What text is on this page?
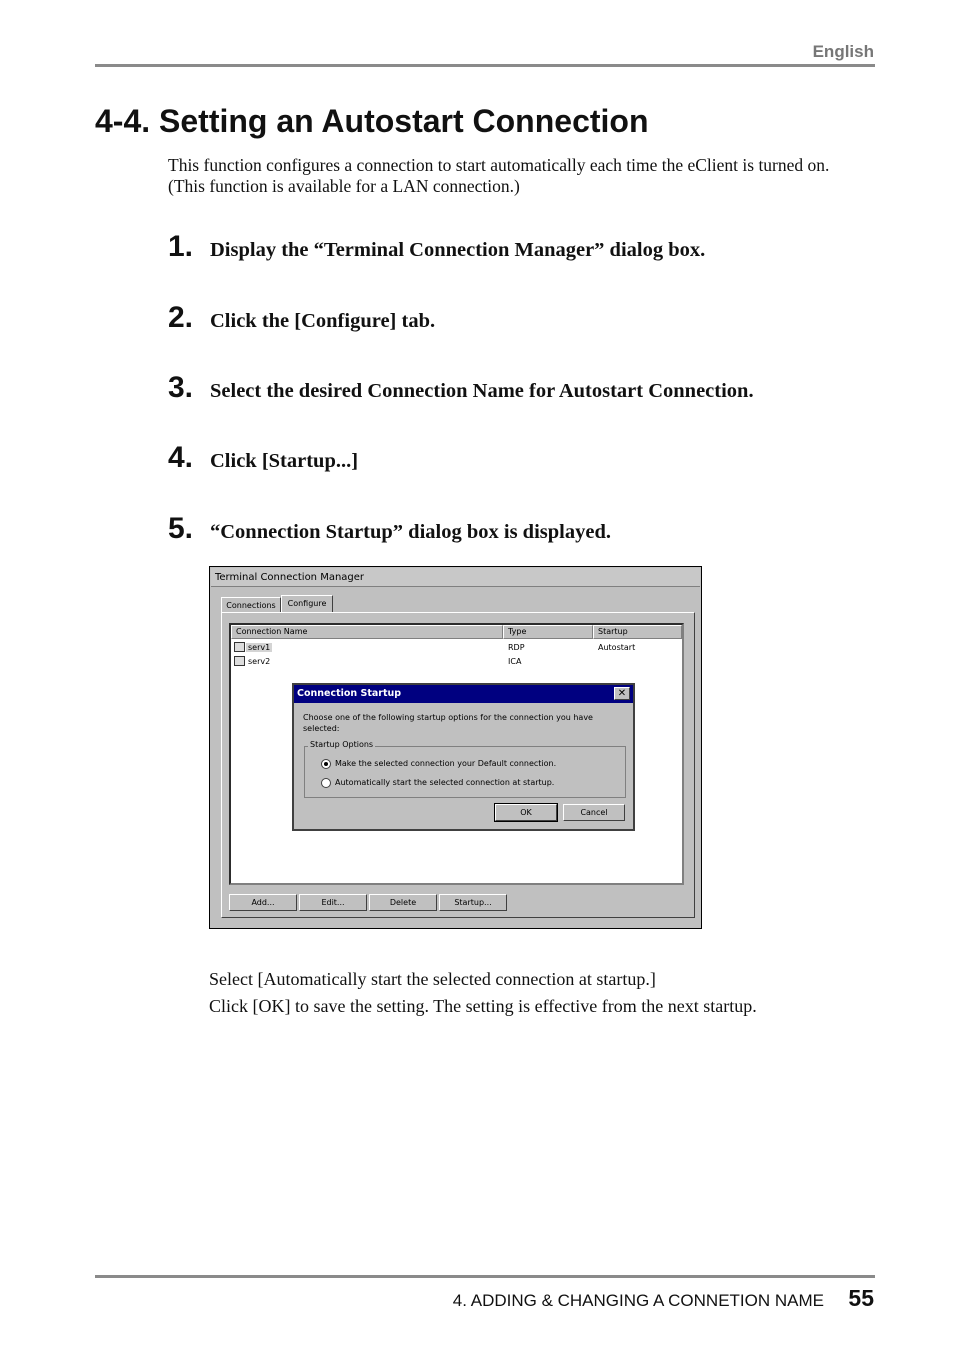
English
4-4. Setting an Autostart Connection
This function configures a connection to start automatically each time the eClient is turned on. (This function is available for a LAN connection.)
1. Display the “Terminal Connection Manager” dialog box.
2. Click the [Configure] tab.
3. Select the desired Connection Name for Autostart Connection.
4. Click [Startup...]
5. “Connection Startup” dialog box is displayed.
Terminal Connection Manager
Connections	Configure
Connection Name	Type	Startup
serv1	RDP	Autostart
serv2	ICA
Add...	Edit...	Delete	Startup...
Connection Startup	✕
Choose one of the following startup options for the connection you have selected:
Startup Options
Make the selected connection your Default connection.
Automatically start the selected connection at startup.
OK	Cancel
Select [Automatically start the selected connection at startup.]
Click [OK] to save the setting. The setting is effective from the next startup.
4. ADDING & CHANGING A CONNETION NAME 55
